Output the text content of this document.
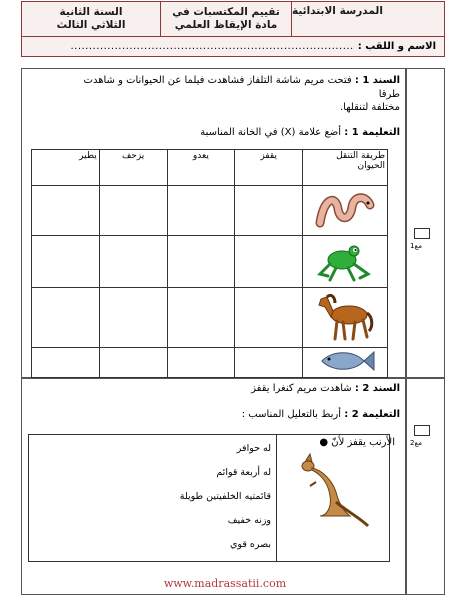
المدرسة الابتدائية
تقييم المكتسبات في
مادة الإيقاظ العلمي
السنة الثانية
الثلاثي الثالث
الاسم و اللقب :
.............................................................................
مع1
مع2
السند 1 : فتحت مريم شاشة التلفاز فشاهدت فيلما عن الحيوانات و شاهدت طرقا
مختلفة لتنقلها.
التعليمة 1 : أضع علامة (X) في الخانة المناسبة
طريقة التنقل
الحيوان	يقفز	يعدو	يزحف	يطير

السند 2 : شاهدت مريم كنغرا يقفز
التعليمة 2 : أربط بالتعليل المناسب :
الأرنب يقفز لأنّ ●
له حوافر
له أربعة قوائم
قائمتيه الخلفيتين طويلة
وزنه خفيف
بصره قوي
www.madrassatii.com
